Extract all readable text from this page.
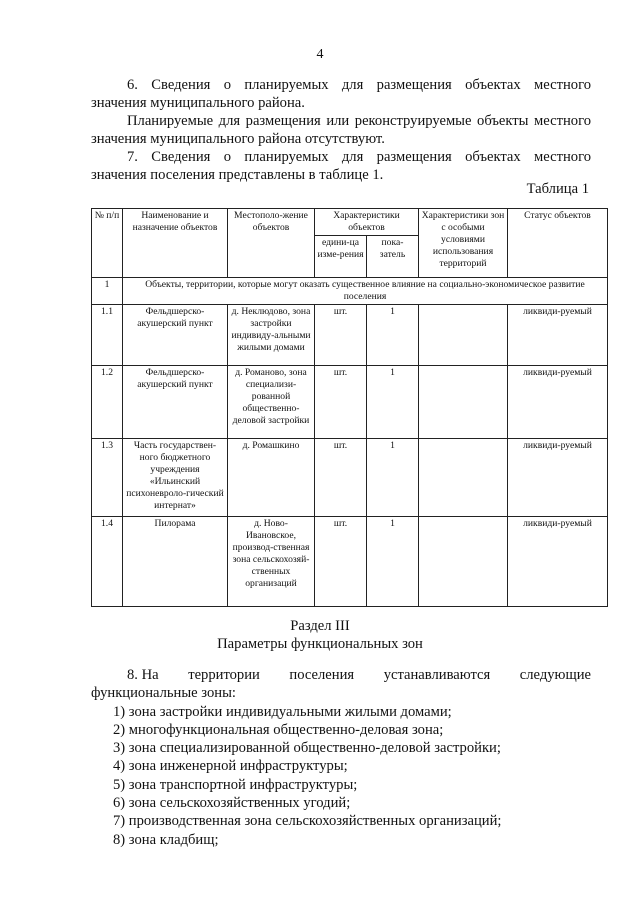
4

6. Сведения о планируемых для размещения объектах местного

значения муниципального района.

Планируемые для размещения или реконструируемые объекты местного

значения муниципального района отсутствуют.

7. Сведения о планируемых для размещения объектах местного

значения поселения представлены в таблице 1.

Таблица 1
№ п/п	Наименование и назначение объектов	Местополо-жение объектов	Характеристики объектов		Характеристики зон с особыми условиями использования территорий	Статус объектов
			едини-ца изме-рения	пока-затель		
1	Объекты, территории, которые могут оказать существенное влияние на социально-экономическое развитие поселения					
1.1	Фельдшерско-акушерский пункт	д. Неклюдово, зона застройки индивиду-альными жилыми домами	шт.	1		ликвиди-руемый
1.2	Фельдшерско-акушерский пункт	д. Романово, зона специализи-рованной общественно-деловой застройки	шт.	1		ликвиди-руемый
1.3	Часть государствен-ного бюджетного учреждения «Ильинский психоневроло-гический интернат»	д. Ромашкино	шт.	1		ликвиди-руемый
1.4	Пилорама	д. Ново-Ивановское, производ-ственная зона сельскохозяй-ственных организаций	шт.	1		ликвиди-руемый
Раздел III
Параметры функциональных зон
8. На территории поселения устанавливаются следующие
функциональные зоны:
1) зона застройки индивидуальными жилыми домами;
2) многофункциональная общественно-деловая зона;
3) зона специализированной общественно-деловой застройки;
4) зона инженерной инфраструктуры;
5) зона транспортной инфраструктуры;
6) зона сельскохозяйственных угодий;
7) производственная зона сельскохозяйственных организаций;
8) зона кладбищ;
